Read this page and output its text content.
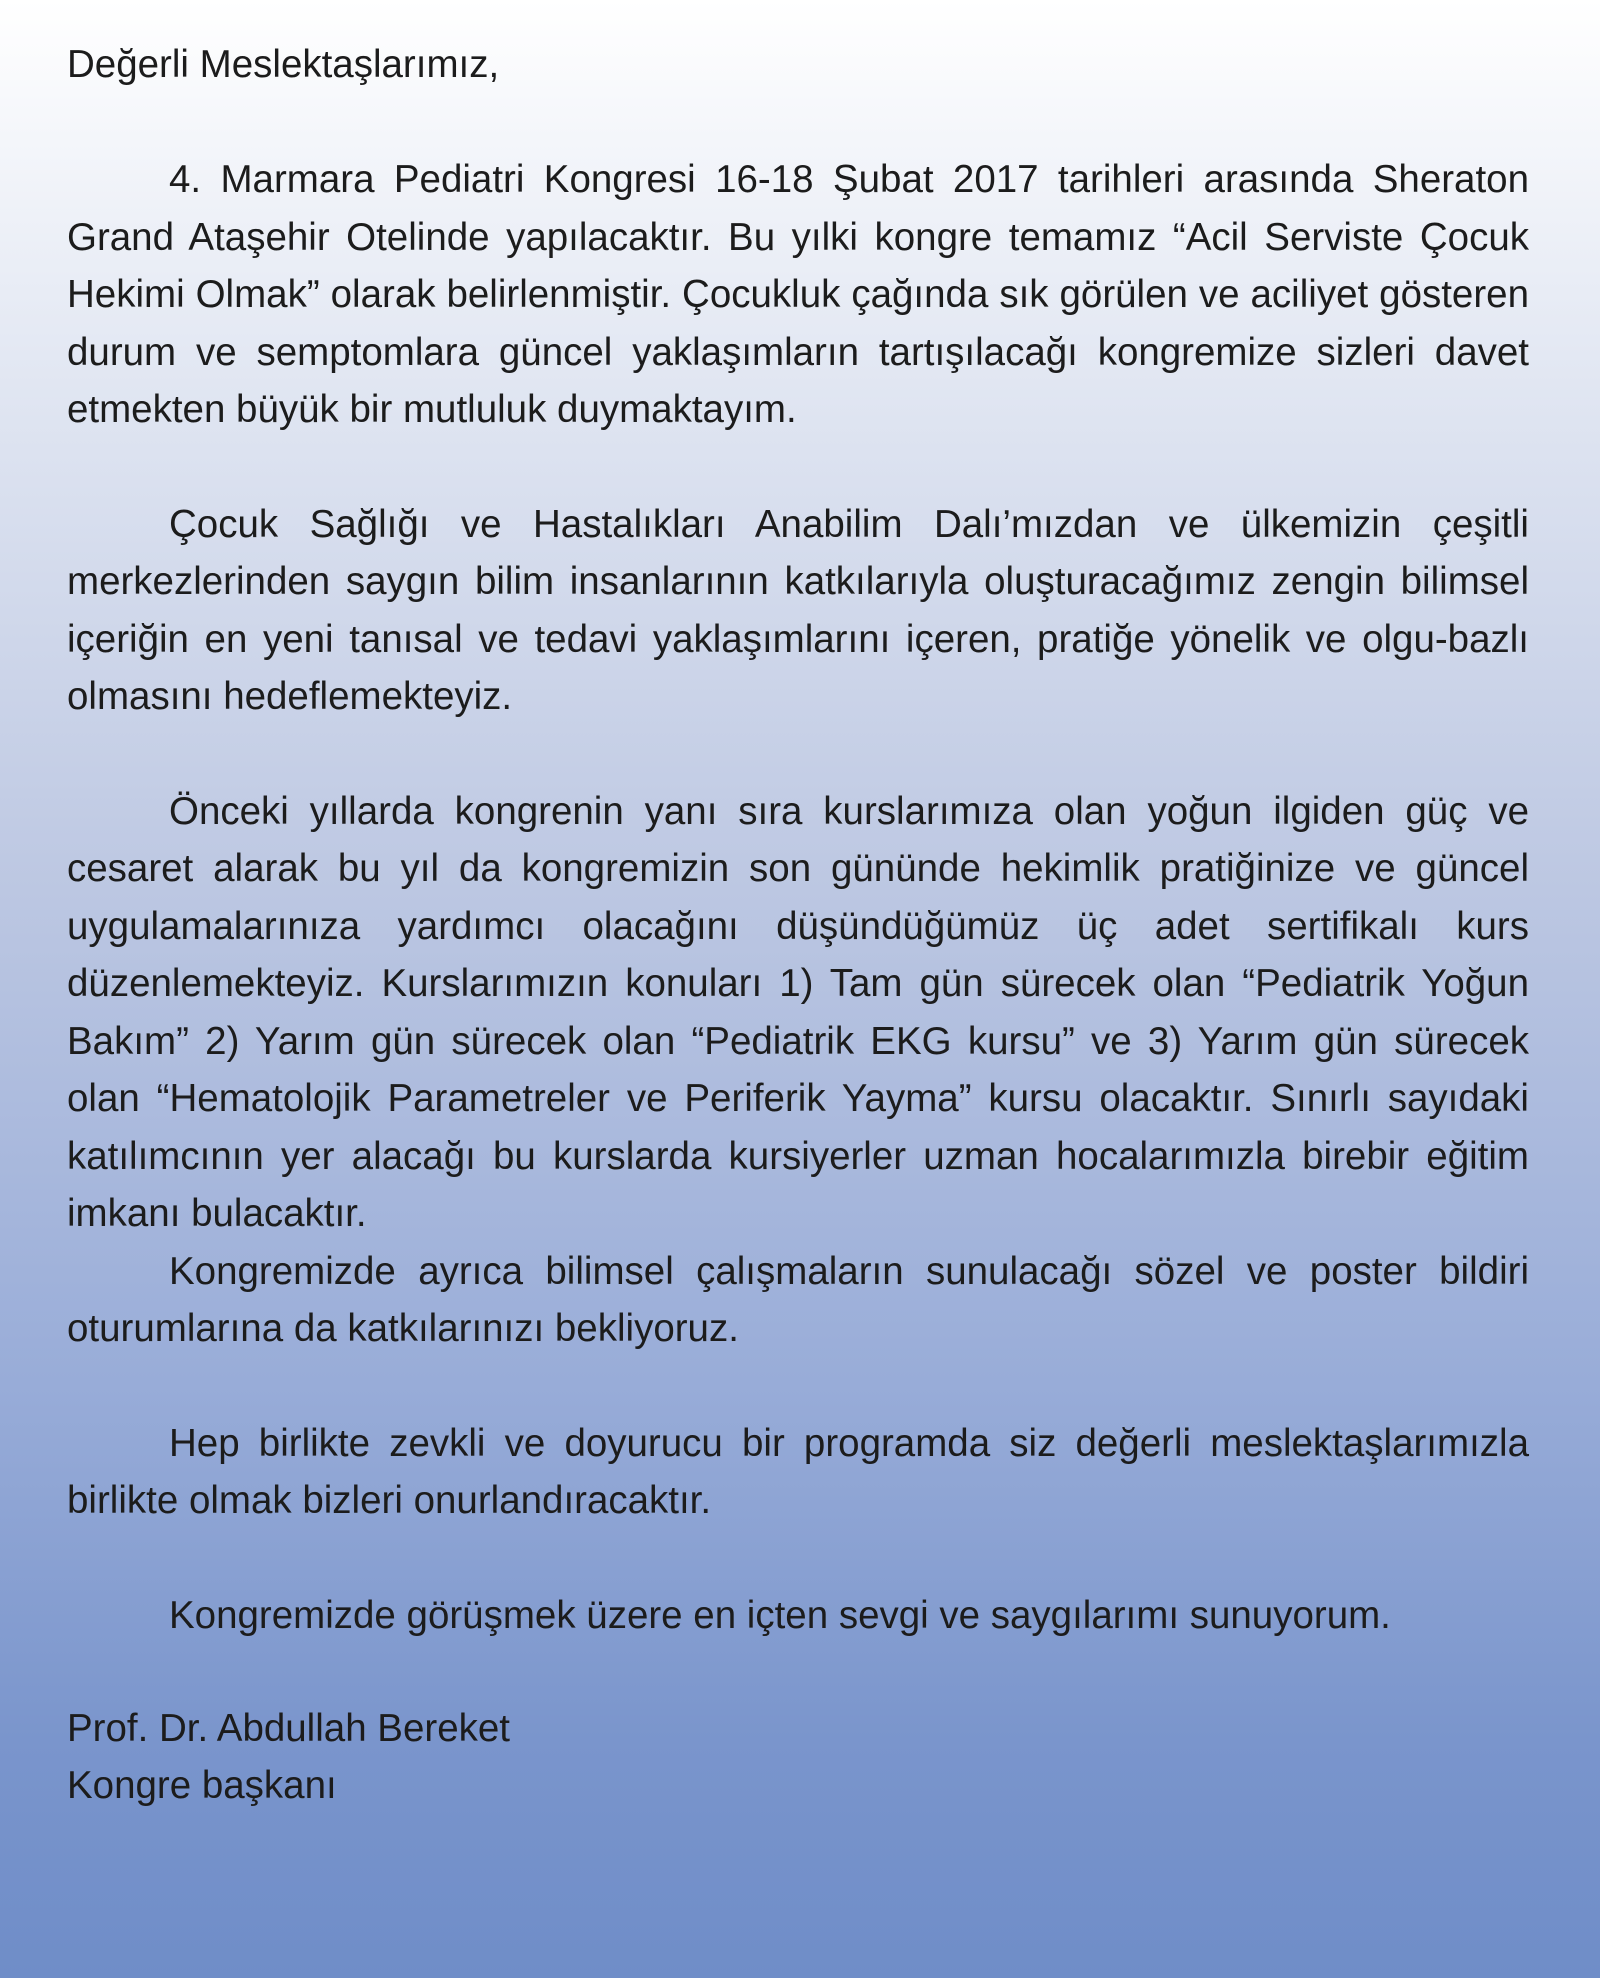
Değerli Meslektaşlarımız,

4. Marmara Pediatri Kongresi 16-18 Şubat 2017 tarihleri arasında Sheraton Grand Ataşehir Otelinde yapılacaktır. Bu yılki kongre temamız “Acil Serviste Çocuk Hekimi Olmak” olarak belirlenmiştir. Çocukluk çağında sık görülen ve aciliyet gösteren durum ve semptomlara güncel yaklaşımların tartışılacağı kongremize sizleri davet etmekten büyük bir mutluluk duymaktayım.

Çocuk Sağlığı ve Hastalıkları Anabilim Dalı’mızdan ve ülkemizin çeşitli merkezlerinden saygın bilim insanlarının katkılarıyla oluşturacağımız zengin bilimsel içeriğin en yeni tanısal ve tedavi yaklaşımlarını içeren, pratiğe yönelik ve olgu-bazlı olmasını hedeflemekteyiz.

Önceki yıllarda kongrenin yanı sıra kurslarımıza olan yoğun ilgiden güç ve cesaret alarak bu yıl da kongremizin son gününde hekimlik pratiğinize ve güncel uygulamalarınıza yardımcı olacağını düşündüğümüz üç adet sertifikalı kurs düzenlemekteyiz. Kurslarımızın konuları 1) Tam gün sürecek olan “Pediatrik Yoğun Bakım” 2) Yarım gün sürecek olan “Pediatrik EKG kursu” ve 3) Yarım gün sürecek olan “Hematolojik Parametreler ve Periferik Yayma” kursu olacaktır. Sınırlı sayıdaki katılımcının yer alacağı bu kurslarda kursiyerler uzman hocalarımızla birebir eğitim imkanı bulacaktır.

Kongremizde ayrıca bilimsel çalışmaların sunulacağı sözel ve poster bildiri oturumlarına da katkılarınızı bekliyoruz.

Hep birlikte zevkli ve doyurucu bir programda siz değerli meslektaşlarımızla birlikte olmak bizleri onurlandıracaktır.

Kongremizde görüşmek üzere en içten sevgi ve saygılarımı sunuyorum.

Prof. Dr. Abdullah Bereket
Kongre başkanı
